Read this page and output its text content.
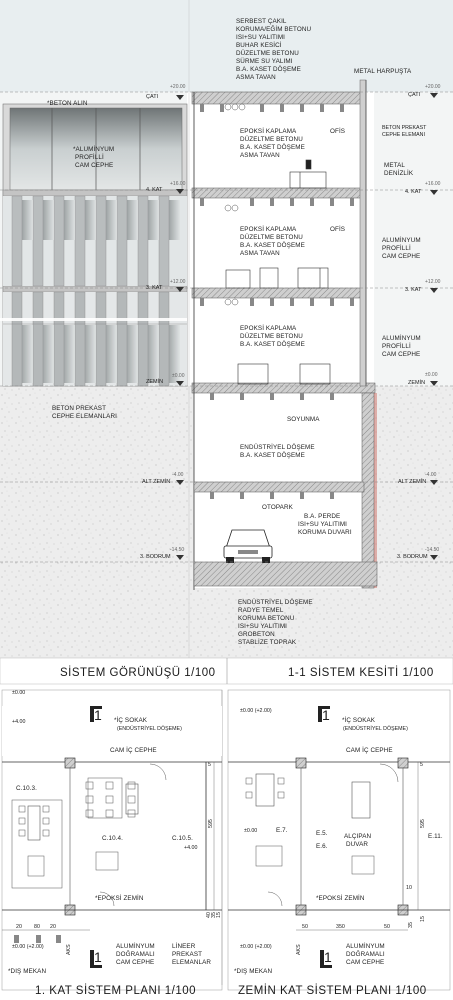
*BETON ALIN
*ALUMİNYUM
PROFİLLİ
CAM CEPHE
BETON PREKAST
CEPHE ELEMANLARI
+20.00
ÇATI
+16.00
4. KAT
+12.00
3. KAT
±0.00
ZEMİN
+20.00
ÇATI
+16.00
4. KAT
+12.00
3. KAT
±0.00
ZEMİN
-4.00
ALT ZEMİN
-14.50
3. BODRUM
-4.00
ALT ZEMİN
-14.50
3. BODRUM
SERBEST ÇAKIL
KORUMA/EĞİM BETONU
ISI+SU YALITIMI
BUHAR KESİCİ
DÜZELTME BETONU
SÜRME SU YALIMI
B.A. KASET DÖŞEME
ASMA TAVAN
METAL HARPUŞTA
EPOKSİ KAPLAMA
DÜZELTME BETONU
B.A. KASET DÖŞEME
ASMA TAVAN
OFİS
EPOKSİ KAPLAMA
DÜZELTME BETONU
B.A. KASET DÖŞEME
ASMA TAVAN
OFİS
EPOKSİ KAPLAMA
DÜZELTME BETONU
B.A. KASET DÖŞEME
BETON PREKAST
CEPHE ELEMANI
METAL
DENİZLİK
ALUMİNYUM
PROFİLLİ
CAM CEPHE
ALUMİNYUM
PROFİLLİ
CAM CEPHE
SOYUNMA
ENDÜSTRİYEL DÖŞEME
B.A. KASET DÖŞEME
OTOPARK
B.A. PERDE
ISI+SU YALITIMI
KORUMA DUVARI
ENDÜSTRİYEL DÖŞEME
RADYE TEMEL
KORUMA BETONU
ISI+SU YALITIMI
GROBETON
STABLİZE TOPRAK
SİSTEM GÖRÜNÜŞÜ 1/100	1-1 SİSTEM KESİTİ 1/100
±0.00
+4.00	1 *İÇ SOKAK
(ENDÜSTRİYEL DÖŞEME)
CAM İÇ CEPHE
C.10.3.
C.10.4.	C.10.5.
+4.00
*EPOKSİ ZEMİN
5
595
40 35 15
20 80 20
AKS 1
ALUMİNYUM
DOĞRAMALI
CAM CEPHE
LİNEER
PREKAST
ELEMANLAR
±0.00 (+2.00)
*DIŞ MEKAN
1. KAT SİSTEM PLANI 1/100
±0.00 (+2.00)	1 *İÇ SOKAK
(ENDÜSTRİYEL DÖŞEME)
CAM İÇ CEPHE
±0.00	E.7.	E.5.
E.6.
ALÇIPAN
DUVAR
*EPOKSİ ZEMİN
E.11.
5
595
10
15
35
50	350	50
AKS 1
ALUMİNYUM
DOĞRAMALI
CAM CEPHE
±0.00 (+2.00)
*DIŞ MEKAN
ZEMİN KAT SİSTEM PLANI 1/100
